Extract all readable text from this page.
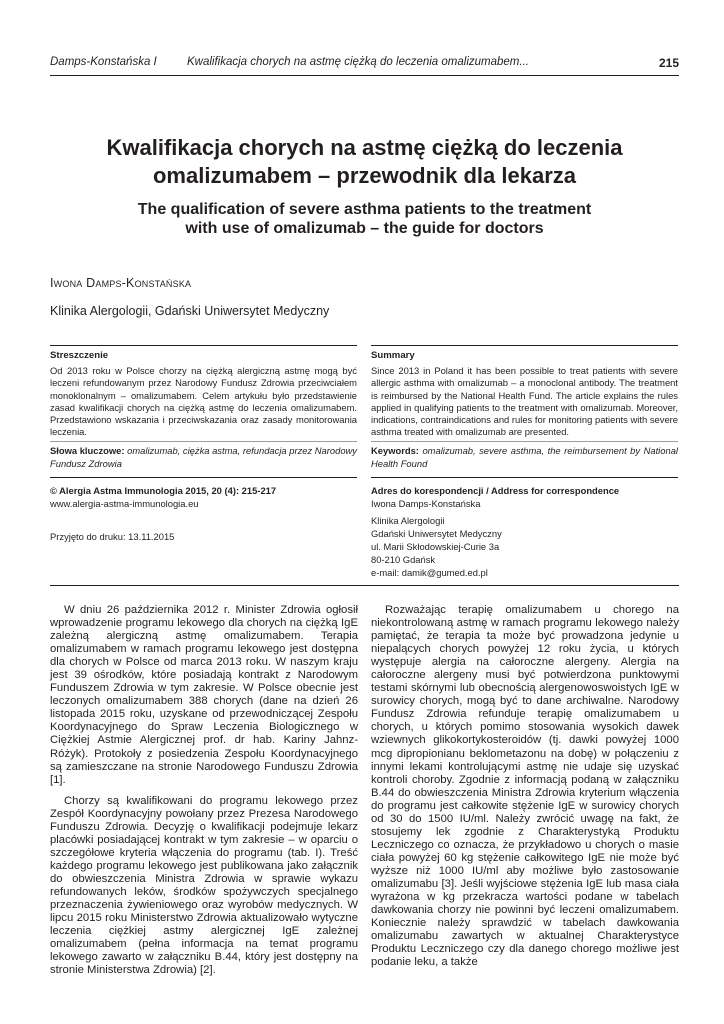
Damps-Konstańska I	Kwalifikacja chorych na astmę ciężką do leczenia omalizumabem...	215
Kwalifikacja chorych na astmę ciężką do leczenia
omalizumabem – przewodnik dla lekarza
The qualification of severe asthma patients to the treatment
with use of omalizumab – the guide for doctors
Iwona Damps-Konstańska
Klinika Alergologii, Gdański Uniwersytet Medyczny
Streszczenie
Od 2013 roku w Polsce chorzy na ciężką alergiczną astmę mogą być leczeni refundowanym przez Narodowy Fundusz Zdrowia przeciwciałem monoklonalnym – omalizumabem. Celem artykułu było przedstawienie zasad kwalifikacji chorych na ciężką astmę do leczenia omalizumabem. Przedstawiono wskazania i przeciwskazania oraz zasady monitorowania leczenia.
Słowa kluczowe: omalizumab, ciężka astma, refundacja przez Narodowy Fundusz Zdrowia
Summary
Since 2013 in Poland it has been possible to treat patients with severe allergic asthma with omalizumab – a monoclonal antibody. The treatment is reimbursed by the National Health Fund. The article explains the rules applied in qualifying patients to the treatment with omalizumab. Moreover, indications, contraindications and rules for monitoring patients with severe asthma treated with omalizumab are presented.
Keywords: omalizumab, severe asthma, the reimbursement by National Health Found
© Alergia Astma Immunologia 2015, 20 (4): 215-217
www.alergia-astma-immunologia.eu
Przyjęto do druku: 13.11.2015
Adres do korespondencji / Address for correspondence
Iwona Damps-Konstańska
Klinika Alergologii
Gdański Uniwersytet Medyczny
ul. Marii Skłodowskiej-Curie 3a
80-210 Gdańsk
e-mail: damik@gumed.ed.pl

W dniu 26 października 2012 r. Minister Zdrowia ogłosił wprowadzenie programu lekowego dla chorych na ciężką IgE zależną alergiczną astmę omalizumabem. Terapia omalizumabem w ramach programu lekowego jest dostępna dla chorych w Polsce od marca 2013 roku. W naszym kraju jest 39 ośrodków, które posiadają kontrakt z Narodowym Funduszem Zdrowia w tym zakresie. W Polsce obecnie jest leczonych omalizumabem 388 chorych (dane na dzień 26 listopada 2015 roku, uzyskane od przewodniczącej Zespołu Koordynacyjnego do Spraw Leczenia Biologicznego w Ciężkiej Astmie Alergicznej prof. dr hab. Kariny Jahnz-Różyk). Protokoły z posiedzenia Zespołu Koordynacyjnego są zamieszczane na stronie Narodowego Funduszu Zdrowia [1].

Chorzy są kwalifikowani do programu lekowego przez Zespół Koordynacyjny powołany przez Prezesa Narodowego Funduszu Zdrowia. Decyzję o kwalifikacji podejmuje lekarz placówki posiadającej kontrakt w tym zakresie – w oparciu o szczegółowe kryteria włączenia do programu (tab. I). Treść każdego programu lekowego jest publikowana jako załącznik do obwieszczenia Ministra Zdrowia w sprawie wykazu refundowanych leków, środków spożywczych specjalnego przeznaczenia żywieniowego oraz wyrobów medycznych. W lipcu 2015 roku Ministerstwo Zdrowia aktualizowało wytyczne leczenia ciężkiej astmy alergicznej IgE zależnej omalizumabem (pełna informacja na temat programu lekowego zawarto w załączniku B.44, który jest dostępny na stronie Ministerstwa Zdrowia) [2].

Rozważając terapię omalizumabem u chorego na niekontrolowaną astmę w ramach programu lekowego należy pamiętać, że terapia ta może być prowadzona jedynie u niepalących chorych powyżej 12 roku życia, u których występuje alergia na całoroczne alergeny. Alergia na całoroczne alergeny musi być potwierdzona punktowymi testami skórnymi lub obecnością alergenowoswoistych IgE w surowicy chorych, mogą być to dane archiwalne. Narodowy Fundusz Zdrowia refunduje terapię omalizumabem u chorych, u których pomimo stosowania wysokich dawek wziewnych glikokortykosteroidów (tj. dawki powyżej 1000 mcg dipropionianu beklometazonu na dobę) w połączeniu z innymi lekami kontrolującymi astmę nie udaje się uzyskać kontroli choroby. Zgodnie z informacją podaną w załączniku B.44 do obwieszczenia Ministra Zdrowia kryterium włączenia do programu jest całkowite stężenie IgE w surowicy chorych od 30 do 1500 IU/ml. Należy zwrócić uwagę na fakt, że stosujemy lek zgodnie z Charakterystyką Produktu Leczniczego co oznacza, że przykładowo u chorych o masie ciała powyżej 60 kg stężenie całkowitego IgE nie może być wyższe niż 1000 IU/ml aby możliwe było zastosowanie omalizumabu [3]. Jeśli wyjściowe stężenia IgE lub masa ciała wyrażona w kg przekracza wartości podane w tabelach dawkowania chorzy nie powinni być leczeni omalizumabem. Koniecznie należy sprawdzić w tabelach dawkowania omalizumabu zawartych w aktualnej Charakterystyce Produktu Leczniczego czy dla danego chorego możliwe jest podanie leku, a także
